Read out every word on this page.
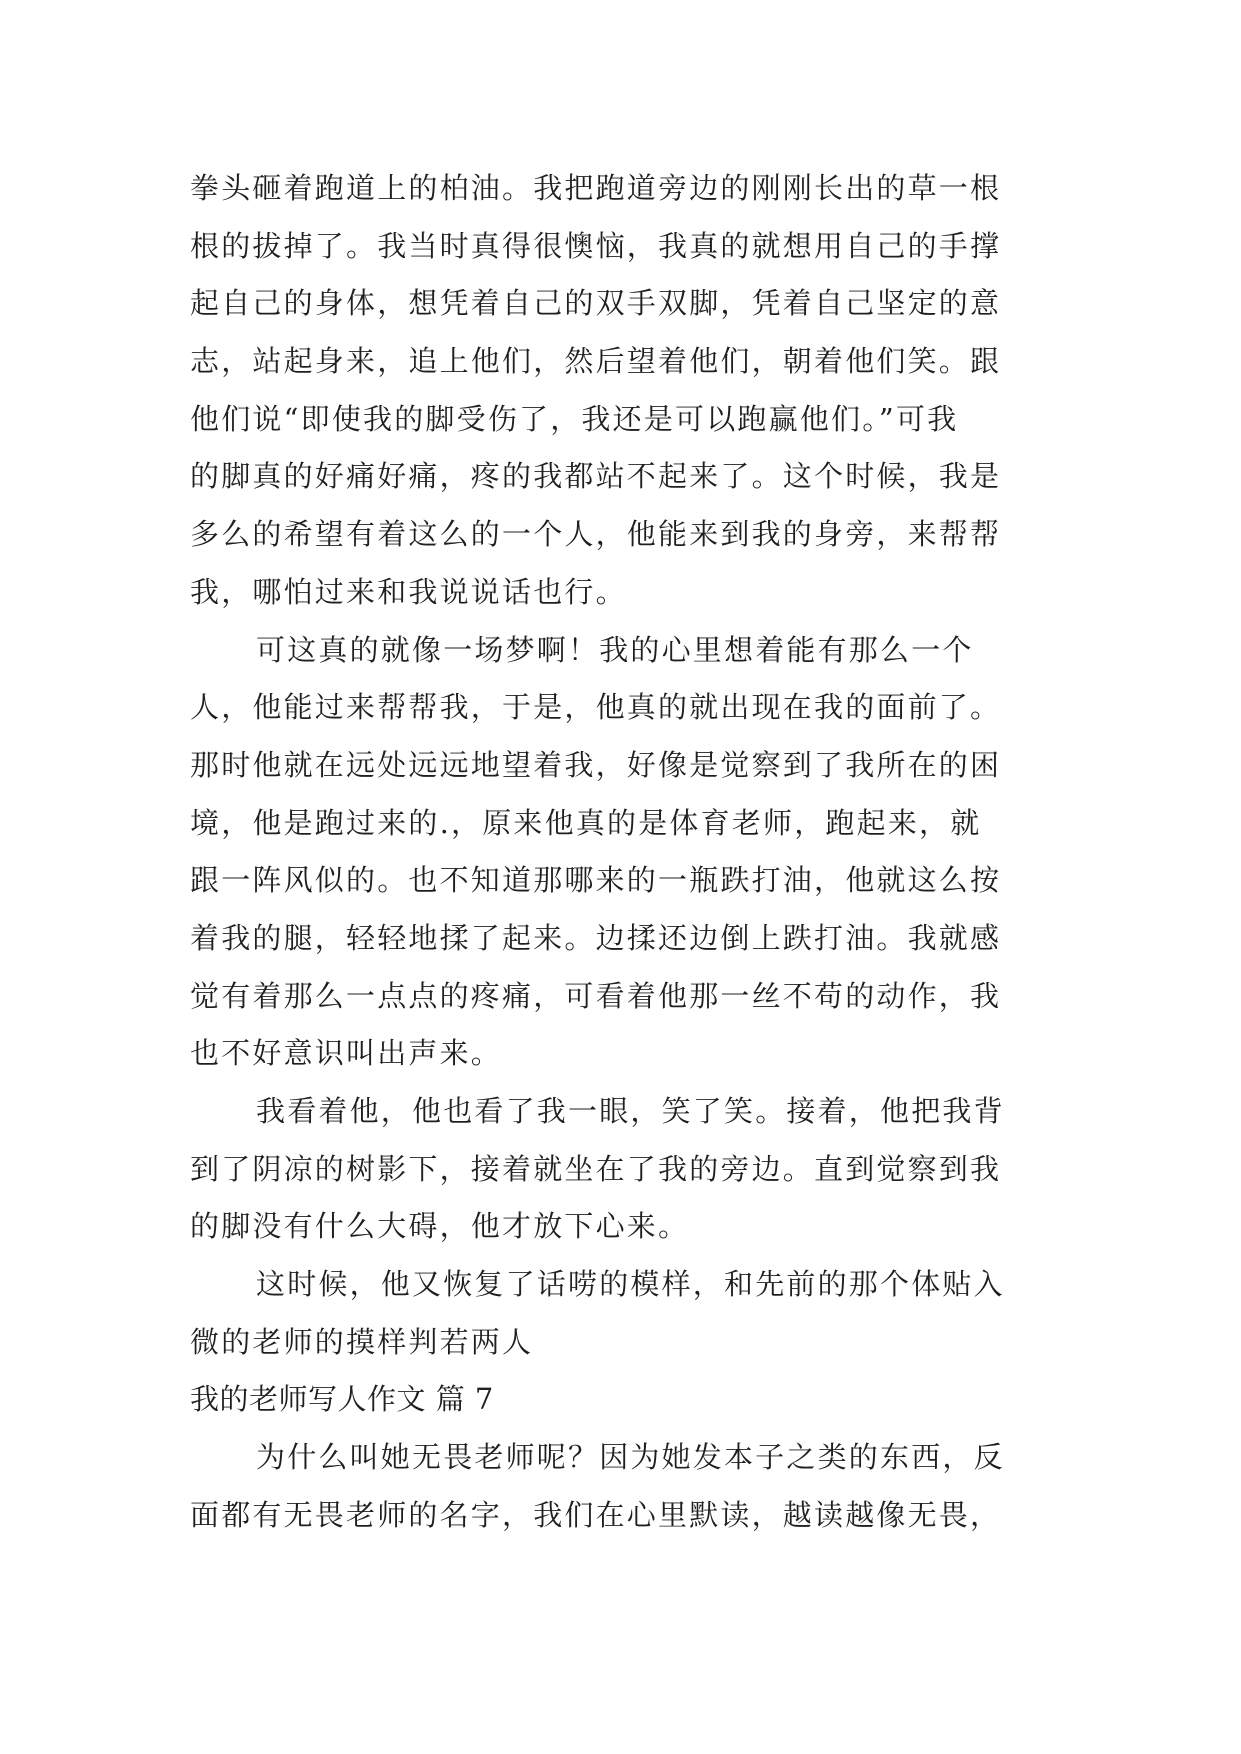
拳头砸着跑道上的柏油。我把跑道旁边的刚刚长出的草一根
根的拔掉了。我当时真得很懊恼，我真的就想用自己的手撑
起自己的身体，想凭着自己的双手双脚，凭着自己坚定的意
志，站起身来，追上他们，然后望着他们，朝着他们笑。跟
他们说“即使我的脚受伤了，我还是可以跑赢他们。”可我
的脚真的好痛好痛，疼的我都站不起来了。这个时候，我是
多么的希望有着这么的一个人，他能来到我的身旁，来帮帮
我，哪怕过来和我说说话也行。
可这真的就像一场梦啊！我的心里想着能有那么一个
人，他能过来帮帮我，于是，他真的就出现在我的面前了。
那时他就在远处远远地望着我，好像是觉察到了我所在的困
境，他是跑过来的.，原来他真的是体育老师，跑起来，就
跟一阵风似的。也不知道那哪来的一瓶跌打油，他就这么按
着我的腿，轻轻地揉了起来。边揉还边倒上跌打油。我就感
觉有着那么一点点的疼痛，可看着他那一丝不苟的动作，我
也不好意识叫出声来。
我看着他，他也看了我一眼，笑了笑。接着，他把我背
到了阴凉的树影下，接着就坐在了我的旁边。直到觉察到我
的脚没有什么大碍，他才放下心来。
这时候，他又恢复了话唠的模样，和先前的那个体贴入
微的老师的摸样判若两人
我的老师写人作文 篇 7
为什么叫她无畏老师呢？因为她发本子之类的东西，反
面都有无畏老师的名字，我们在心里默读，越读越像无畏，
